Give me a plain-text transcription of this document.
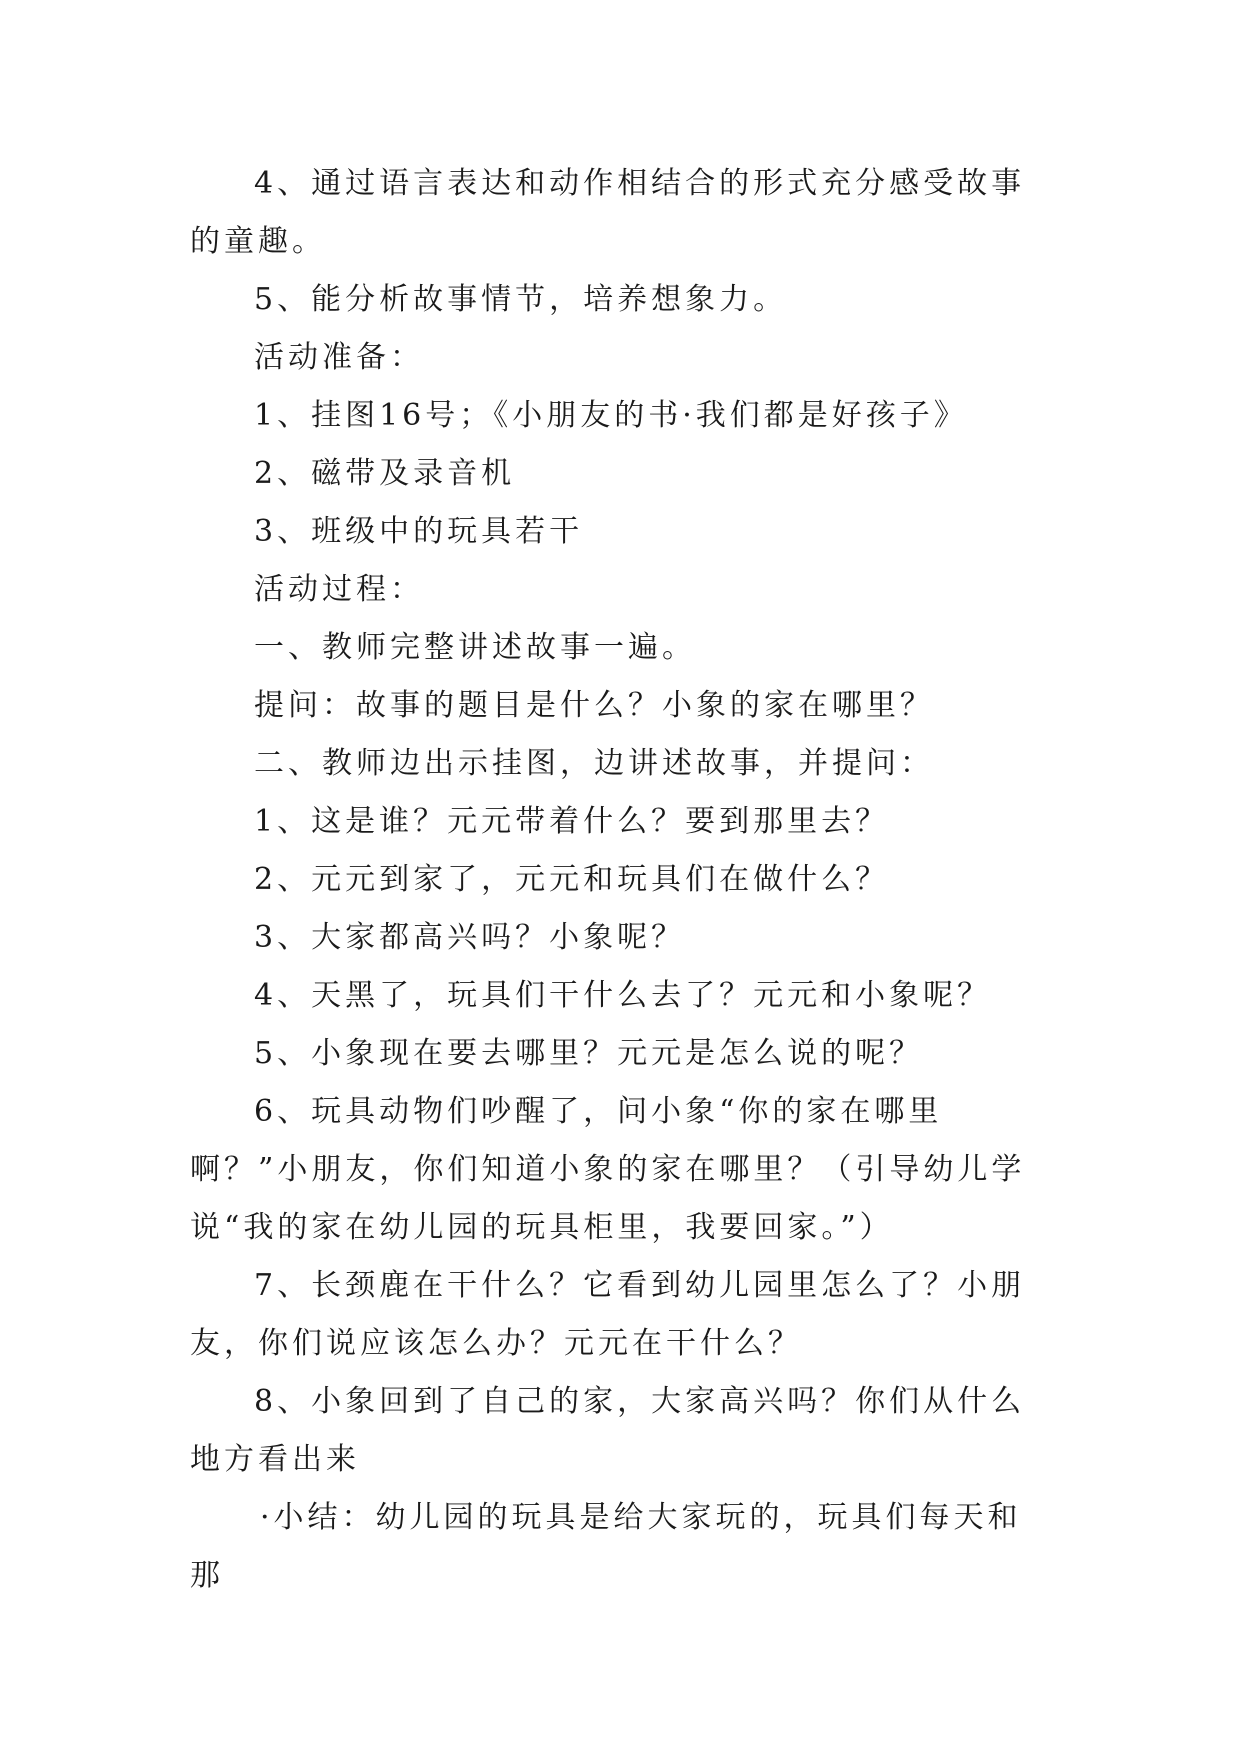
4、通过语言表达和动作相结合的形式充分感受故事的童趣。

5、能分析故事情节，培养想象力。

活动准备：

1、挂图16号；《小朋友的书·我们都是好孩子》

2、磁带及录音机

3、班级中的玩具若干

活动过程：

一、教师完整讲述故事一遍。

提问：故事的题目是什么？小象的家在哪里？

二、教师边出示挂图，边讲述故事，并提问：

1、这是谁？元元带着什么？要到那里去？

2、元元到家了，元元和玩具们在做什么？

3、大家都高兴吗？小象呢？

4、天黑了，玩具们干什么去了？元元和小象呢？

5、小象现在要去哪里？元元是怎么说的呢？

6、玩具动物们吵醒了，问小象“你的家在哪里啊？”小朋友，你们知道小象的家在哪里？（引导幼儿学说“我的家在幼儿园的玩具柜里，我要回家。”）

7、长颈鹿在干什么？它看到幼儿园里怎么了？小朋友，你们说应该怎么办？元元在干什么？

8、小象回到了自己的家，大家高兴吗？你们从什么地方看出来

·小结：幼儿园的玩具是给大家玩的，玩具们每天和那
